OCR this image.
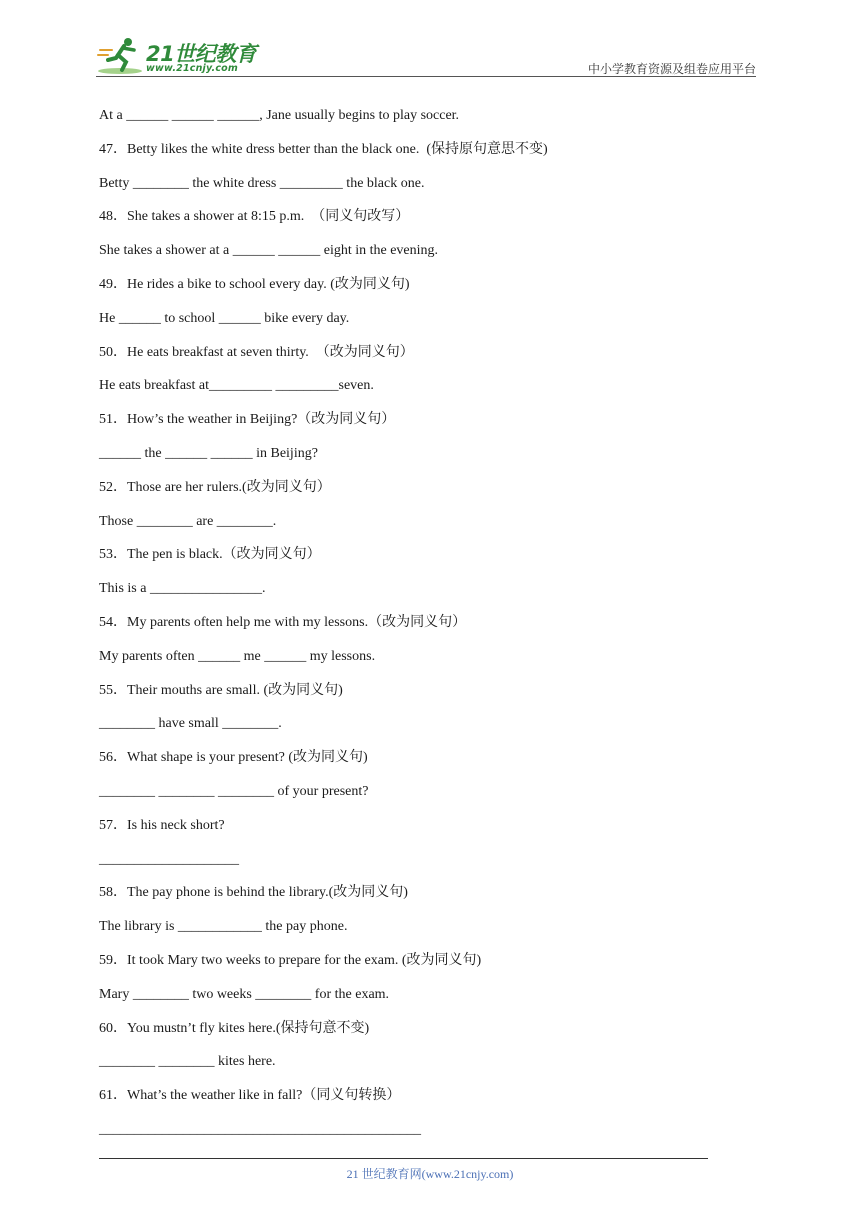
21世纪教育
www.21cnjy.com	中小学教育资源及组卷应用平台
At a ______ ______ ______, Jane usually begins to play soccer.
47．Betty likes the white dress better than the black one.  (保持原句意思不变)
Betty ________ the white dress _________ the black one.
48．She takes a shower at 8:15 p.m.  （同义句改写）
She takes a shower at a ______ ______ eight in the evening.
49．He rides a bike to school every day. (改为同义句)
He ______ to school ______ bike every day.
50．He eats breakfast at seven thirty.  （改为同义句）
He eats breakfast at_________ _________seven.
51．How’s the weather in Beijing?（改为同义句）
______ the ______ ______ in Beijing?
52．Those are her rulers.(改为同义句）
Those ________ are ________.
53．The pen is black.（改为同义句）
This is a ________________.
54．My parents often help me with my lessons.（改为同义句）
My parents often ______ me ______ my lessons.
55．Their mouths are small. (改为同义句)
________ have small ________.
56．What shape is your present? (改为同义句)
________ ________ ________ of your present?
57．Is his neck short?
____________________
58．The pay phone is behind the library.(改为同义句)
The library is ____________ the pay phone.
59．It took Mary two weeks to prepare for the exam. (改为同义句)
Mary ________ two weeks ________ for the exam.
60．You mustn’t fly kites here.(保持句意不变)
________ ________ kites here.
61．What’s the weather like in fall?（同义句转换）
______________________________________________
21 世纪教育网(www.21cnjy.com)
